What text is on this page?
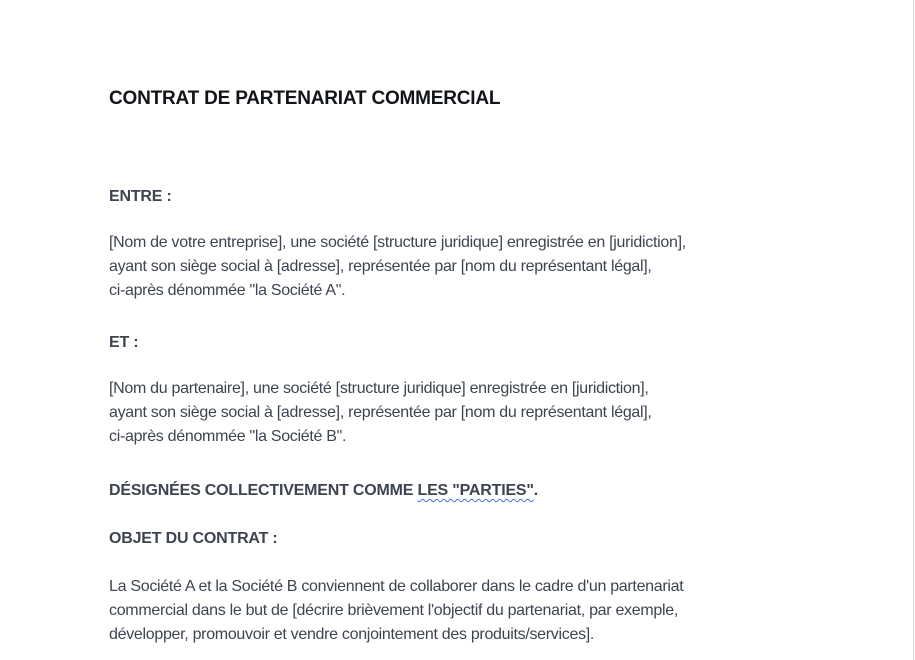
CONTRAT DE PARTENARIAT COMMERCIAL

ENTRE :

[Nom de votre entreprise], une société [structure juridique] enregistrée en [juridiction],
ayant son siège social à [adresse], représentée par [nom du représentant légal],
ci-après dénommée "la Société A".

ET :

[Nom du partenaire], une société [structure juridique] enregistrée en [juridiction],
ayant son siège social à [adresse], représentée par [nom du représentant légal],
ci-après dénommée "la Société B".

DÉSIGNÉES COLLECTIVEMENT COMME LES "PARTIES".

OBJET DU CONTRAT :

La Société A et la Société B conviennent de collaborer dans le cadre d'un partenariat
commercial dans le but de [décrire brièvement l'objectif du partenariat, par exemple,
développer, promouvoir et vendre conjointement des produits/services].
